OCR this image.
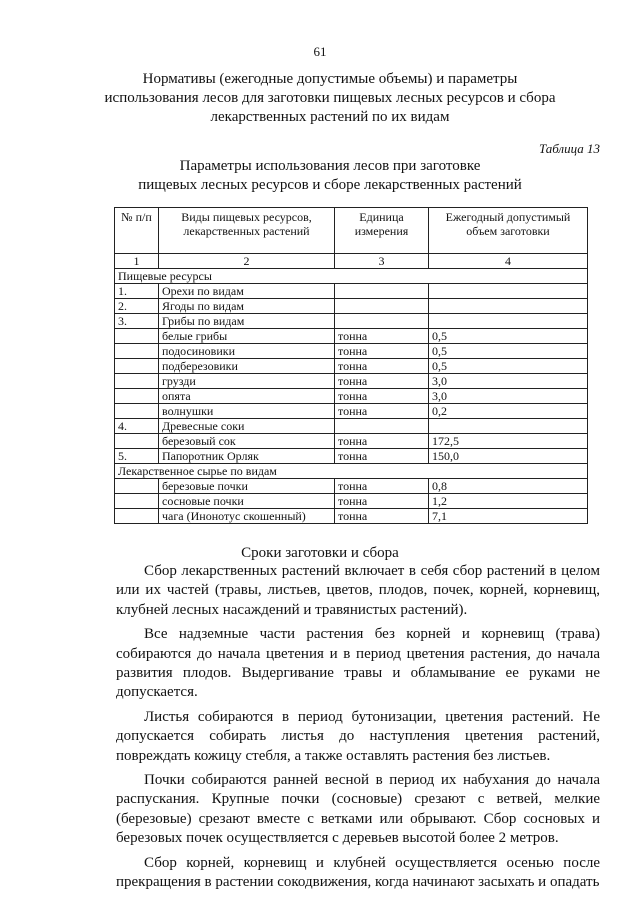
61
Нормативы (ежегодные допустимые объемы) и параметры
использования лесов для заготовки пищевых лесных ресурсов и сбора
лекарственных растений по их видам
Таблица 13
Параметры использования лесов при заготовке
пищевых лесных ресурсов и сборе лекарственных растений
№ п/п	Виды пищевых ресурсов, лекарственных растений	Единица измерения	Ежегодный допустимый объем заготовки
1	2	3	4
Пищевые ресурсы			
1.	Орехи по видам		
2.	Ягоды по видам		
3.	Грибы по видам		
	белые грибы	тонна	0,5
	подосиновики	тонна	0,5
	подберезовики	тонна	0,5
	грузди	тонна	3,0
	опята	тонна	3,0
	волнушки	тонна	0,2
4.	Древесные соки		
	березовый сок	тонна	172,5
5.	Папоротник Орляк	тонна	150,0
Лекарственное сырье по видам			
	березовые почки	тонна	0,8
	сосновые почки	тонна	1,2
	чага (Инонотус скошенный)	тонна	7,1
Сроки заготовки и сбора

Сбор лекарственных растений включает в себя сбор растений в целом или их частей (травы, листьев, цветов, плодов, почек, корней, корневищ, клубней лесных насаждений и травянистых растений).

Все надземные части растения без корней и корневищ (трава) собираются до начала цветения и в период цветения растения, до начала развития плодов. Выдергивание травы и обламывание ее руками не допускается.

Листья собираются в период бутонизации, цветения растений. Не допускается собирать листья до наступления цветения растений, повреждать кожицу стебля, а также оставлять растения без листьев.

Почки собираются ранней весной в период их набухания до начала распускания. Крупные почки (сосновые) срезают с ветвей, мелкие (березовые) срезают вместе с ветками или обрывают. Сбор сосновых и березовых почек осуществляется с деревьев высотой более 2 метров.

Сбор корней, корневищ и клубней осуществляется осенью после прекращения в растении сокодвижения, когда начинают засыхать и опадать
